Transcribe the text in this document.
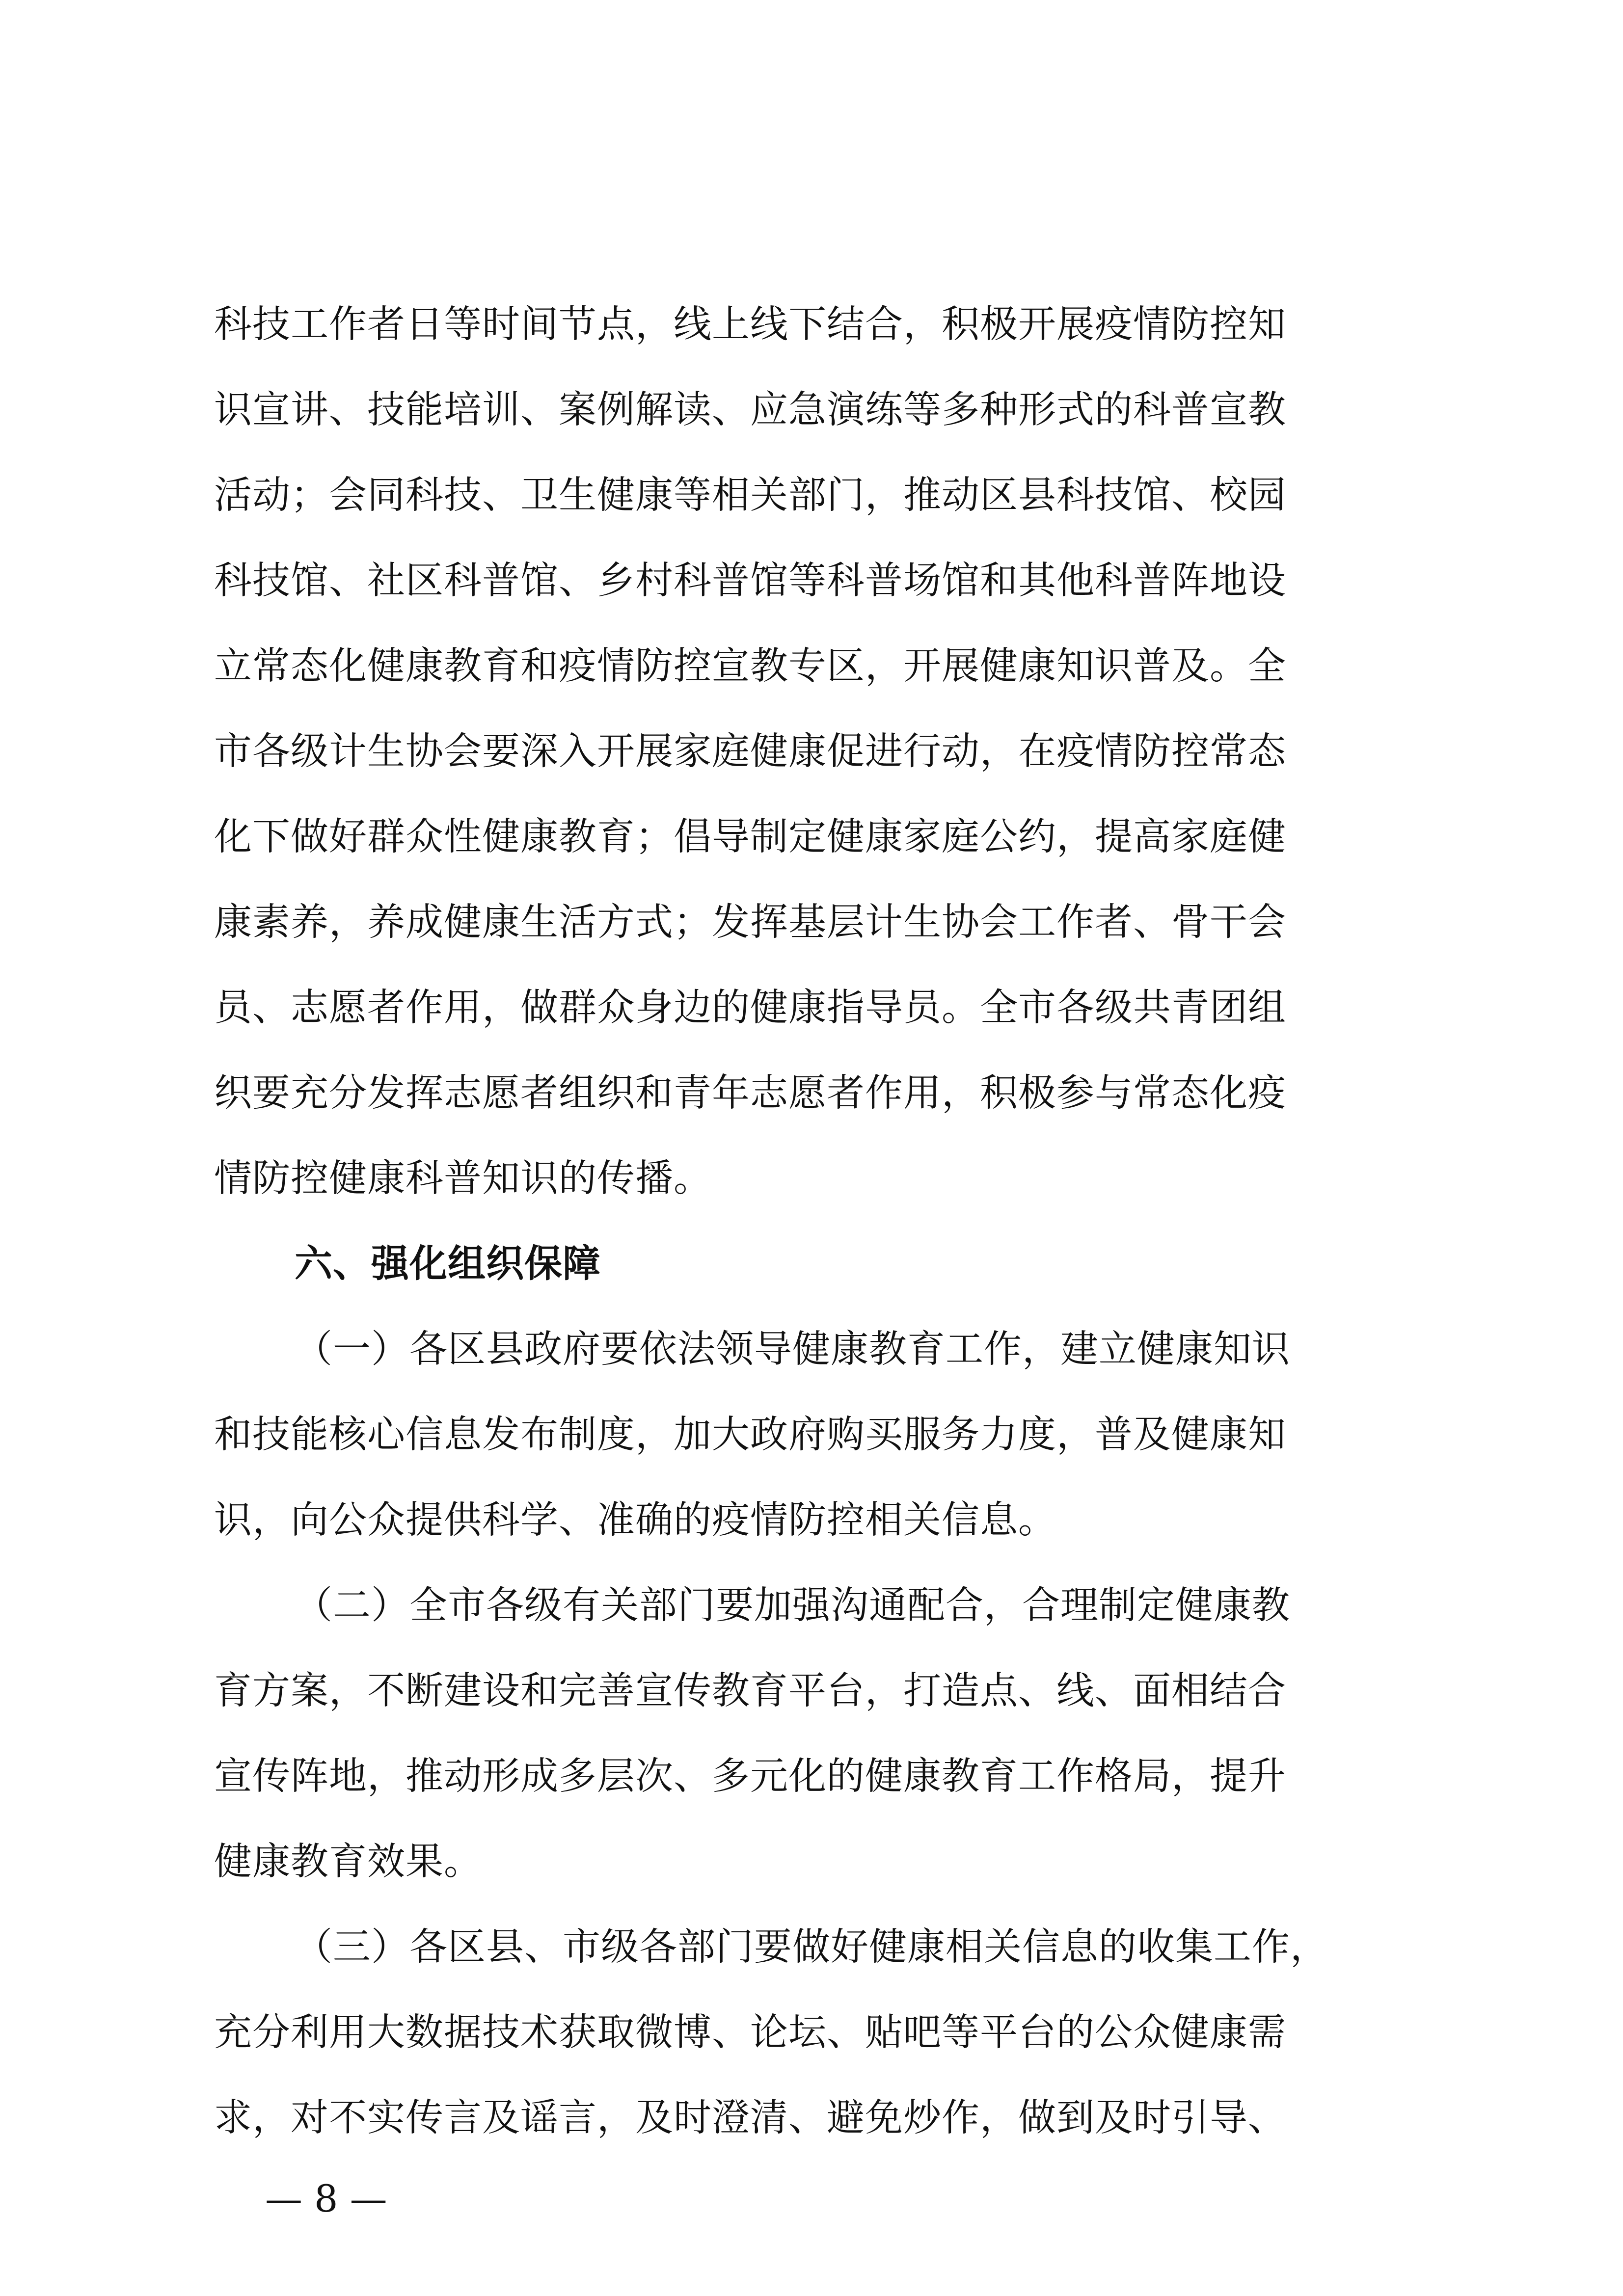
科技工作者日等时间节点，线上线下结合，积极开展疫情防控知
识宣讲、技能培训、案例解读、应急演练等多种形式的科普宣教
活动；会同科技、卫生健康等相关部门，推动区县科技馆、校园
科技馆、社区科普馆、乡村科普馆等科普场馆和其他科普阵地设
立常态化健康教育和疫情防控宣教专区，开展健康知识普及。全
市各级计生协会要深入开展家庭健康促进行动，在疫情防控常态
化下做好群众性健康教育；倡导制定健康家庭公约，提高家庭健
康素养，养成健康生活方式；发挥基层计生协会工作者、骨干会
员、志愿者作用，做群众身边的健康指导员。全市各级共青团组
织要充分发挥志愿者组织和青年志愿者作用，积极参与常态化疫
情防控健康科普知识的传播。
六、强化组织保障
（一）各区县政府要依法领导健康教育工作，建立健康知识
和技能核心信息发布制度，加大政府购买服务力度，普及健康知
识，向公众提供科学、准确的疫情防控相关信息。
（二）全市各级有关部门要加强沟通配合，合理制定健康教
育方案，不断建设和完善宣传教育平台，打造点、线、面相结合
宣传阵地，推动形成多层次、多元化的健康教育工作格局，提升
健康教育效果。
（三）各区县、市级各部门要做好健康相关信息的收集工作，
充分利用大数据技术获取微博、论坛、贴吧等平台的公众健康需
求，对不实传言及谣言，及时澄清、避免炒作，做到及时引导、
— 8 —
